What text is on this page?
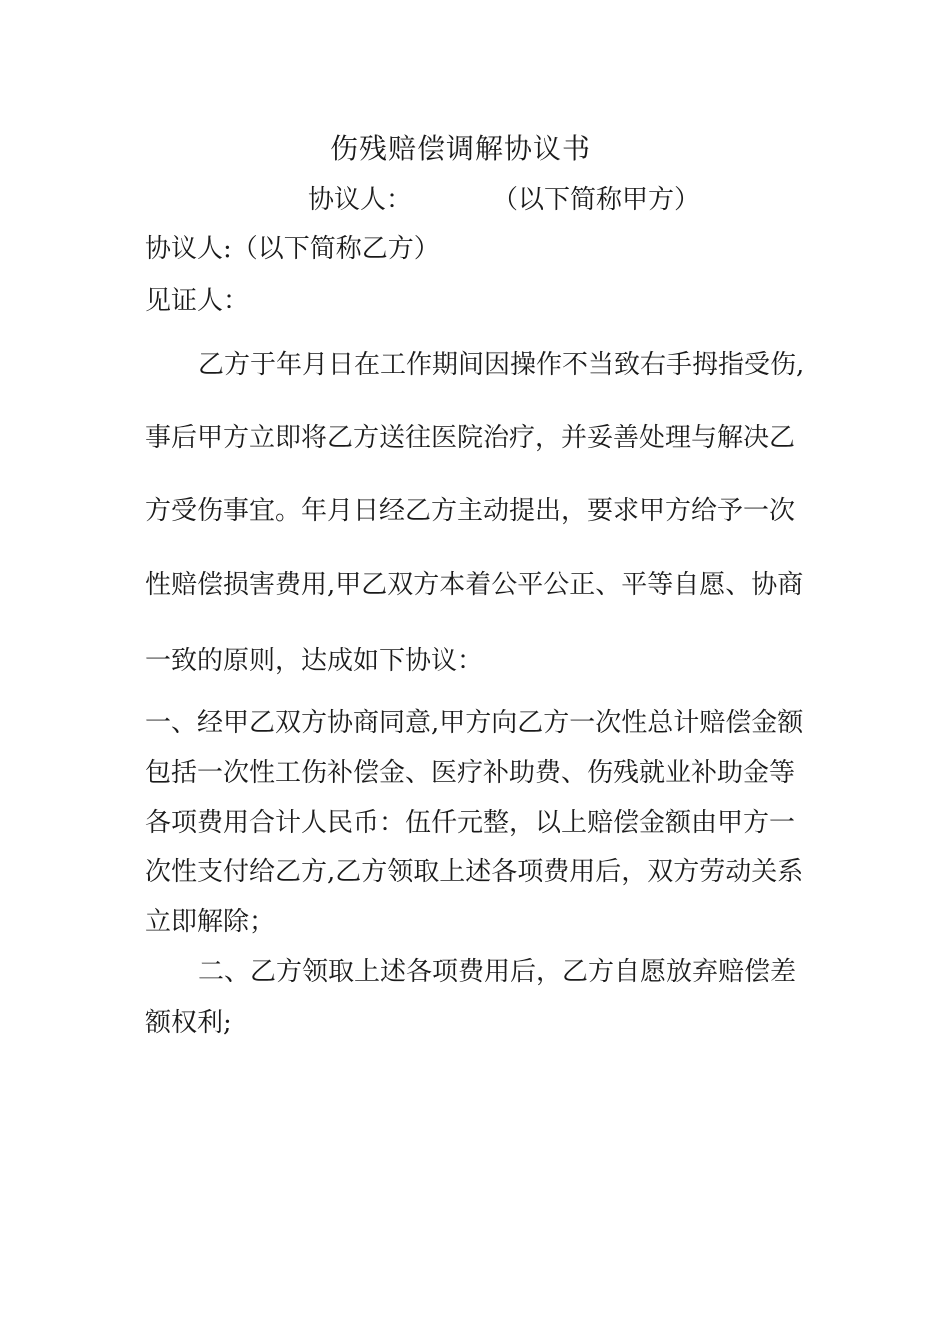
伤残赔偿调解协议书
协议人：	（以下简称甲方）
协议人:（以下简称乙方）
见证人：
乙方于年月日在工作期间因操作不当致右手拇指受伤,
事后甲方立即将乙方送往医院治疗，并妥善处理与解决乙
方受伤事宜。年月日经乙方主动提出，要求甲方给予一次
性赔偿损害费用,甲乙双方本着公平公正、平等自愿、协商
一致的原则，达成如下协议：
一、经甲乙双方协商同意,甲方向乙方一次性总计赔偿金额
包括一次性工伤补偿金、医疗补助费、伤残就业补助金等
各项费用合计人民币：伍仟元整，以上赔偿金额由甲方一
次性支付给乙方,乙方领取上述各项费用后，双方劳动关系
立即解除；
二、乙方领取上述各项费用后，乙方自愿放弃赔偿差
额权利;
